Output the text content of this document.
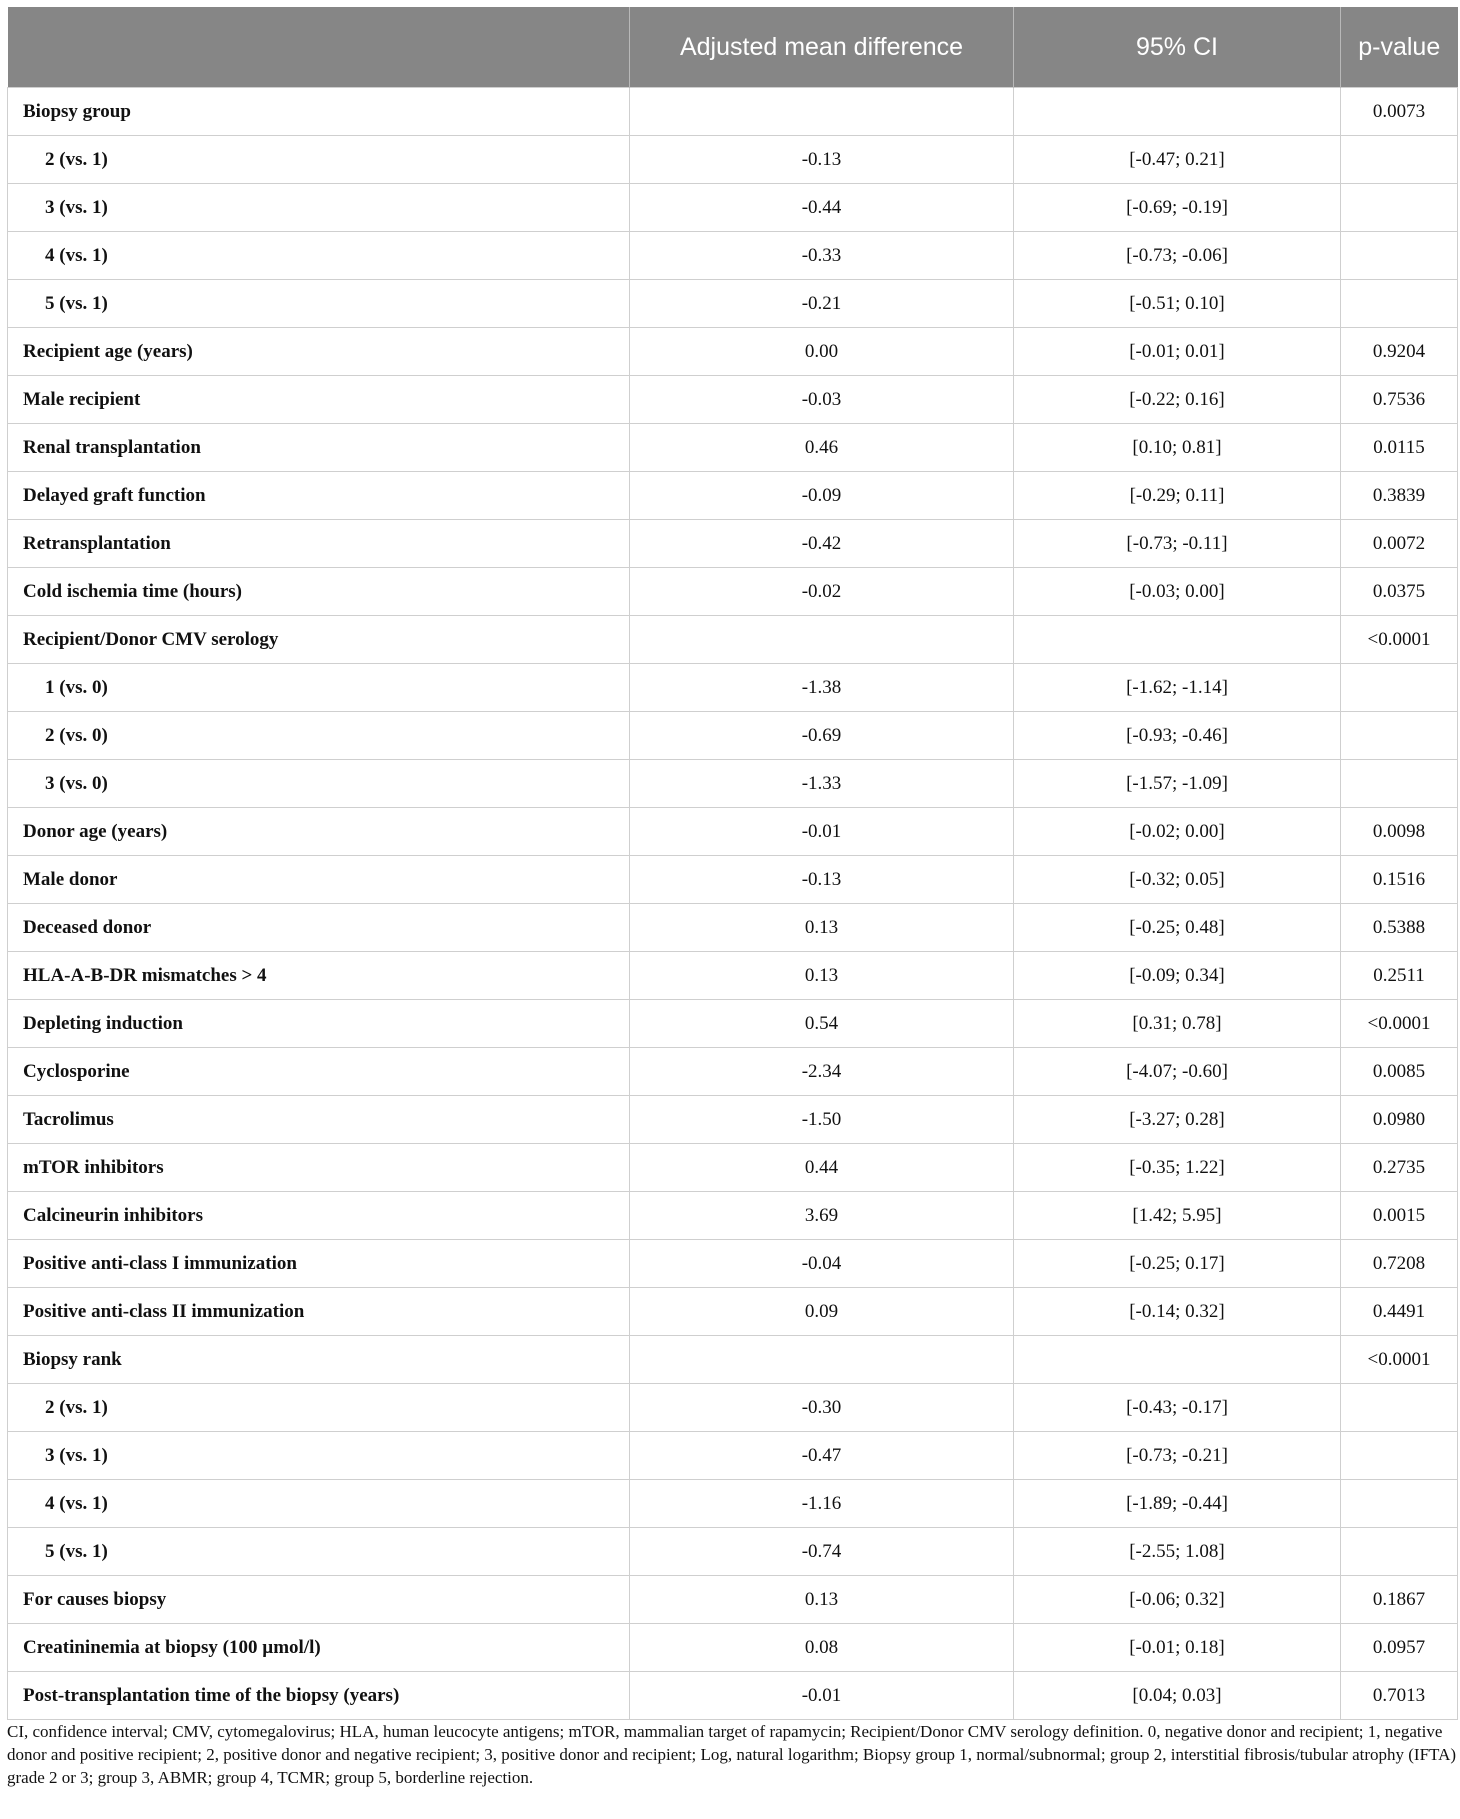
	Adjusted mean difference	95% CI	p-value
Biopsy group			0.0073
2 (vs. 1)	-0.13	[-0.47; 0.21]	
3 (vs. 1)	-0.44	[-0.69; -0.19]	
4 (vs. 1)	-0.33	[-0.73; -0.06]	
5 (vs. 1)	-0.21	[-0.51; 0.10]	
Recipient age (years)	0.00	[-0.01; 0.01]	0.9204
Male recipient	-0.03	[-0.22; 0.16]	0.7536
Renal transplantation	0.46	[0.10; 0.81]	0.0115
Delayed graft function	-0.09	[-0.29; 0.11]	0.3839
Retransplantation	-0.42	[-0.73; -0.11]	0.0072
Cold ischemia time (hours)	-0.02	[-0.03; 0.00]	0.0375
Recipient/Donor CMV serology			<0.0001
1 (vs. 0)	-1.38	[-1.62; -1.14]	
2 (vs. 0)	-0.69	[-0.93; -0.46]	
3 (vs. 0)	-1.33	[-1.57; -1.09]	
Donor age (years)	-0.01	[-0.02; 0.00]	0.0098
Male donor	-0.13	[-0.32; 0.05]	0.1516
Deceased donor	0.13	[-0.25; 0.48]	0.5388
HLA-A-B-DR mismatches > 4	0.13	[-0.09; 0.34]	0.2511
Depleting induction	0.54	[0.31; 0.78]	<0.0001
Cyclosporine	-2.34	[-4.07; -0.60]	0.0085
Tacrolimus	-1.50	[-3.27; 0.28]	0.0980
mTOR inhibitors	0.44	[-0.35; 1.22]	0.2735
Calcineurin inhibitors	3.69	[1.42; 5.95]	0.0015
Positive anti-class I immunization	-0.04	[-0.25; 0.17]	0.7208
Positive anti-class II immunization	0.09	[-0.14; 0.32]	0.4491
Biopsy rank			<0.0001
2 (vs. 1)	-0.30	[-0.43; -0.17]	
3 (vs. 1)	-0.47	[-0.73; -0.21]	
4 (vs. 1)	-1.16	[-1.89; -0.44]	
5 (vs. 1)	-0.74	[-2.55; 1.08]	
For causes biopsy	0.13	[-0.06; 0.32]	0.1867
Creatininemia at biopsy (100 µmol/l)	0.08	[-0.01; 0.18]	0.0957
Post-transplantation time of the biopsy (years)	-0.01	[0.04; 0.03]	0.7013
CI, confidence interval; CMV, cytomegalovirus; HLA, human leucocyte antigens; mTOR, mammalian target of rapamycin; Recipient/Donor CMV serology definition. 0, negative donor and recipient; 1, negative donor and positive recipient; 2, positive donor and negative recipient; 3, positive donor and recipient; Log, natural logarithm; Biopsy group 1, normal/subnormal; group 2, interstitial fibrosis/tubular atrophy (IFTA) grade 2 or 3; group 3, ABMR; group 4, TCMR; group 5, borderline rejection.
